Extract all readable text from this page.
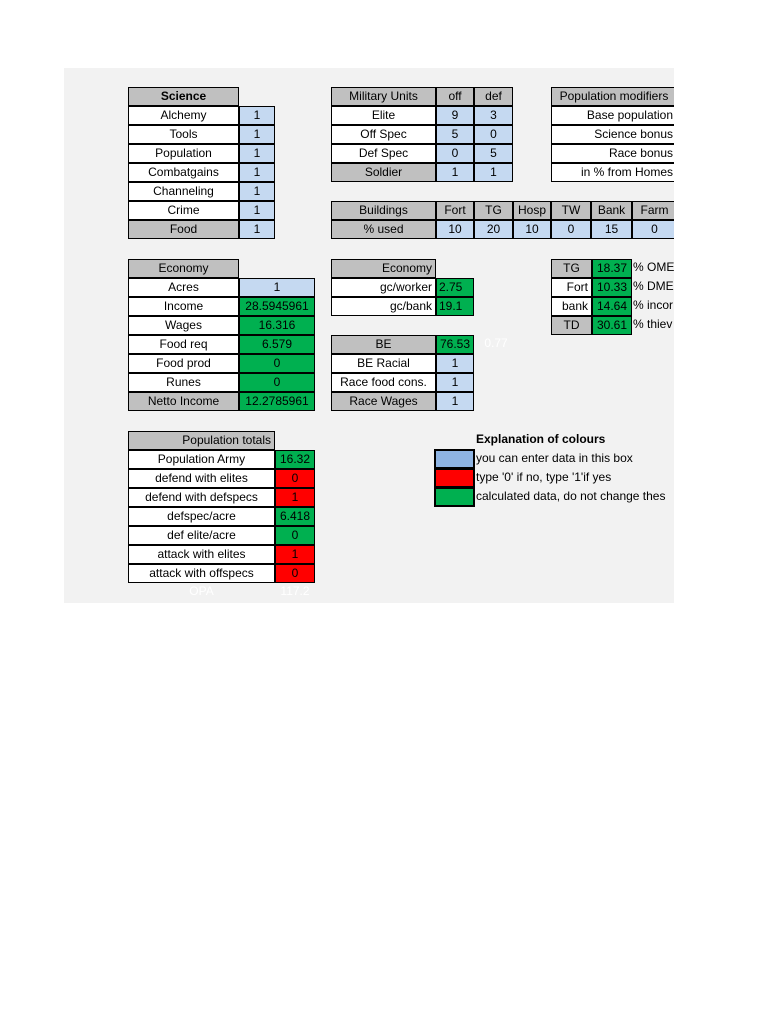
Science
Alchemy	1
Tools	1
Population	1
Combatgains	1
Channeling	1
Crime	1
Food	1
Military Units	off	def
Elite	9	3
Off Spec	5	0
Def Spec	0	5
Soldier	1	1
Population modifiers
Base population
Science bonus
Race bonus
in % from Homes
Buildings	Fort	TG	Hosp	TW	Bank	Farm
% used	10	20	10	0	15	0
Economy
Acres	1
Income	28.5945961
Wages	16.316
Food req	6.579
Food prod	0
Runes	0
Netto Income	12.2785961
Economy
gc/worker 2.75
gc/bank 19.1
BE	76.53	0.77
BE Racial	1
Race food cons.	1
Race Wages	1
TG	18.37 % OME
Fort 10.33 % DME
bank 14.64 % incor
TD	30.61 % thiev
Population totals
Population Army	16.32
defend with elites	0
defend with defspecs	1
defspec/acre	6.418
def elite/acre	0
attack with elites	1
attack with offspecs	0
OPA	117.2
Explanation of colours
you can enter data in this box
type '0' if no, type '1'if yes
calculated data, do not change thes
